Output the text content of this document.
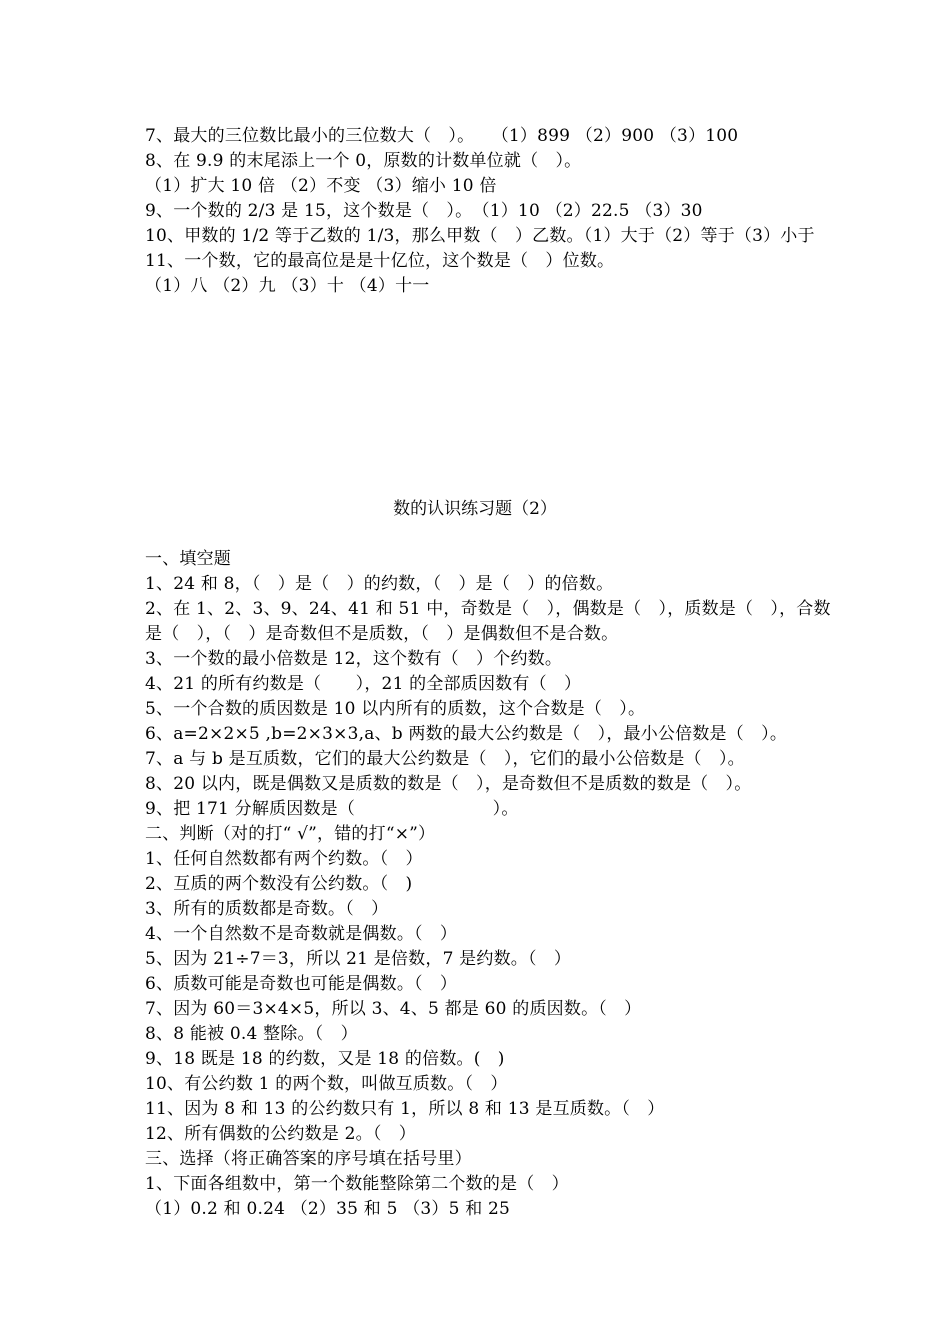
7、最大的三位数比最小的三位数大（　）。　　（1）899 （2）900 （3）100
8、在 9.9 的末尾添上一个 0，原数的计数单位就（　）。
（1）扩大 10 倍 （2）不变 （3）缩小 10 倍
9、一个数的 2/3 是 15，这个数是（　）。　（1）10 （2）22.5 （3）30
10、甲数的 1/2 等于乙数的 1/3，那么甲数（　）乙数。（1）大于（2）等于（3）小于
11、一个数，它的最高位是是十亿位，这个数是（　）位数。
（1）八 （2）九 （3）十 （4）十一
数的认识练习题（2）
一、填空题
1、24 和 8，（　）是（　）的约数，（　）是（　）的倍数。
2、在 1、2、3、9、24、41 和 51 中，奇数是（　），偶数是（　），质数是（　），合数
是（　），（　）是奇数但不是质数，（　）是偶数但不是合数。
3、一个数的最小倍数是 12，这个数有（　）个约数。
4、21 的所有约数是（　　），21 的全部质因数有（　）
5、一个合数的质因数是 10 以内所有的质数，这个合数是（　）。
6、a=2×2×5 ,b=2×3×3,a、b 两数的最大公约数是（　），最小公倍数是（　）。
7、a 与 b 是互质数，它们的最大公约数是（　），它们的最小公倍数是（　）。
8、20 以内，既是偶数又是质数的数是（　），是奇数但不是质数的数是（　）。
9、把 171 分解质因数是（　　　　　　　　）。
二、判断（对的打“ √”，错的打“×”）
1、任何自然数都有两个约数。（　）
2、互质的两个数没有公约数。（　)
3、所有的质数都是奇数。（　）
4、一个自然数不是奇数就是偶数。（　）
5、因为 21÷7＝3，所以 21 是倍数，7 是约数。（　）
6、质数可能是奇数也可能是偶数。（　）
7、因为 60＝3×4×5，所以 3、4、5 都是 60 的质因数。（　）
8、8 能被 0.4 整除。（　）
9、18 既是 18 的约数，又是 18 的倍数。(　)
10、有公约数 1 的两个数，叫做互质数。（　）
11、因为 8 和 13 的公约数只有 1，所以 8 和 13 是互质数。（　）
12、所有偶数的公约数是 2。（　）
三、选择（将正确答案的序号填在括号里）
1、下面各组数中，第一个数能整除第二个数的是（　）
（1）0.2 和 0.24 （2）35 和 5 （3）5 和 25
